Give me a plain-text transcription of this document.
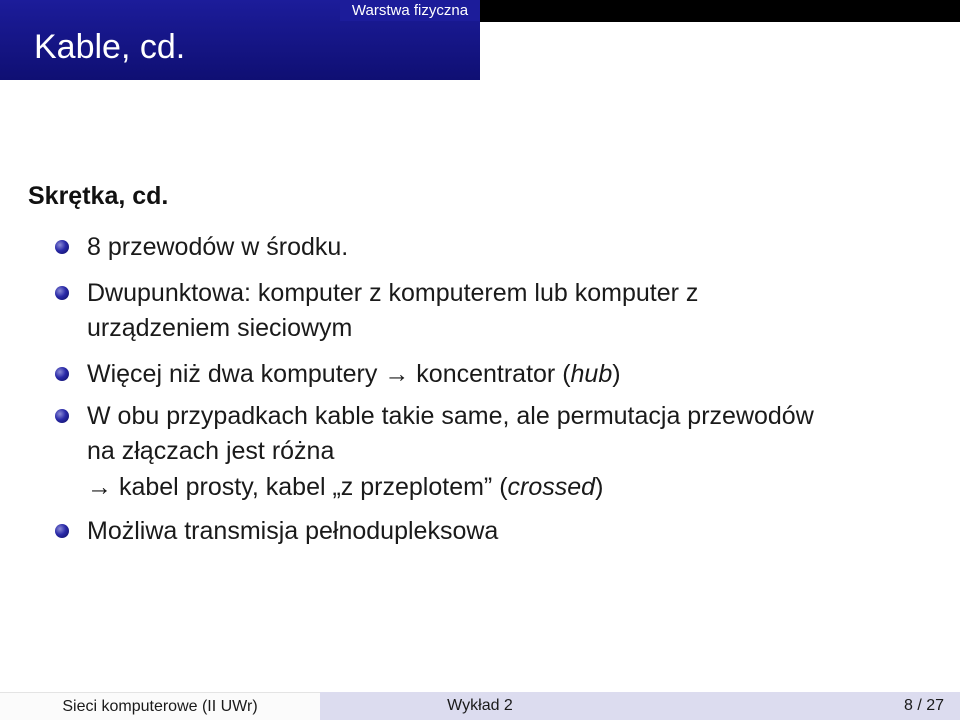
Kable, cd.
Warstwa fizyczna
Skrętka, cd.
8 przewodów w środku.
Dwupunktowa: komputer z komputerem lub komputer z
urządzeniem sieciowym
Więcej niż dwa komputery → koncentrator (hub)
W obu przypadkach kable takie same, ale permutacja przewodów
na złączach jest różna
→ kabel prosty, kabel „z przeplotem” (crossed)
Możliwa transmisja pełnodupleksowa
Sieci komputerowe (II UWr)	Wykład 2	8 / 27
